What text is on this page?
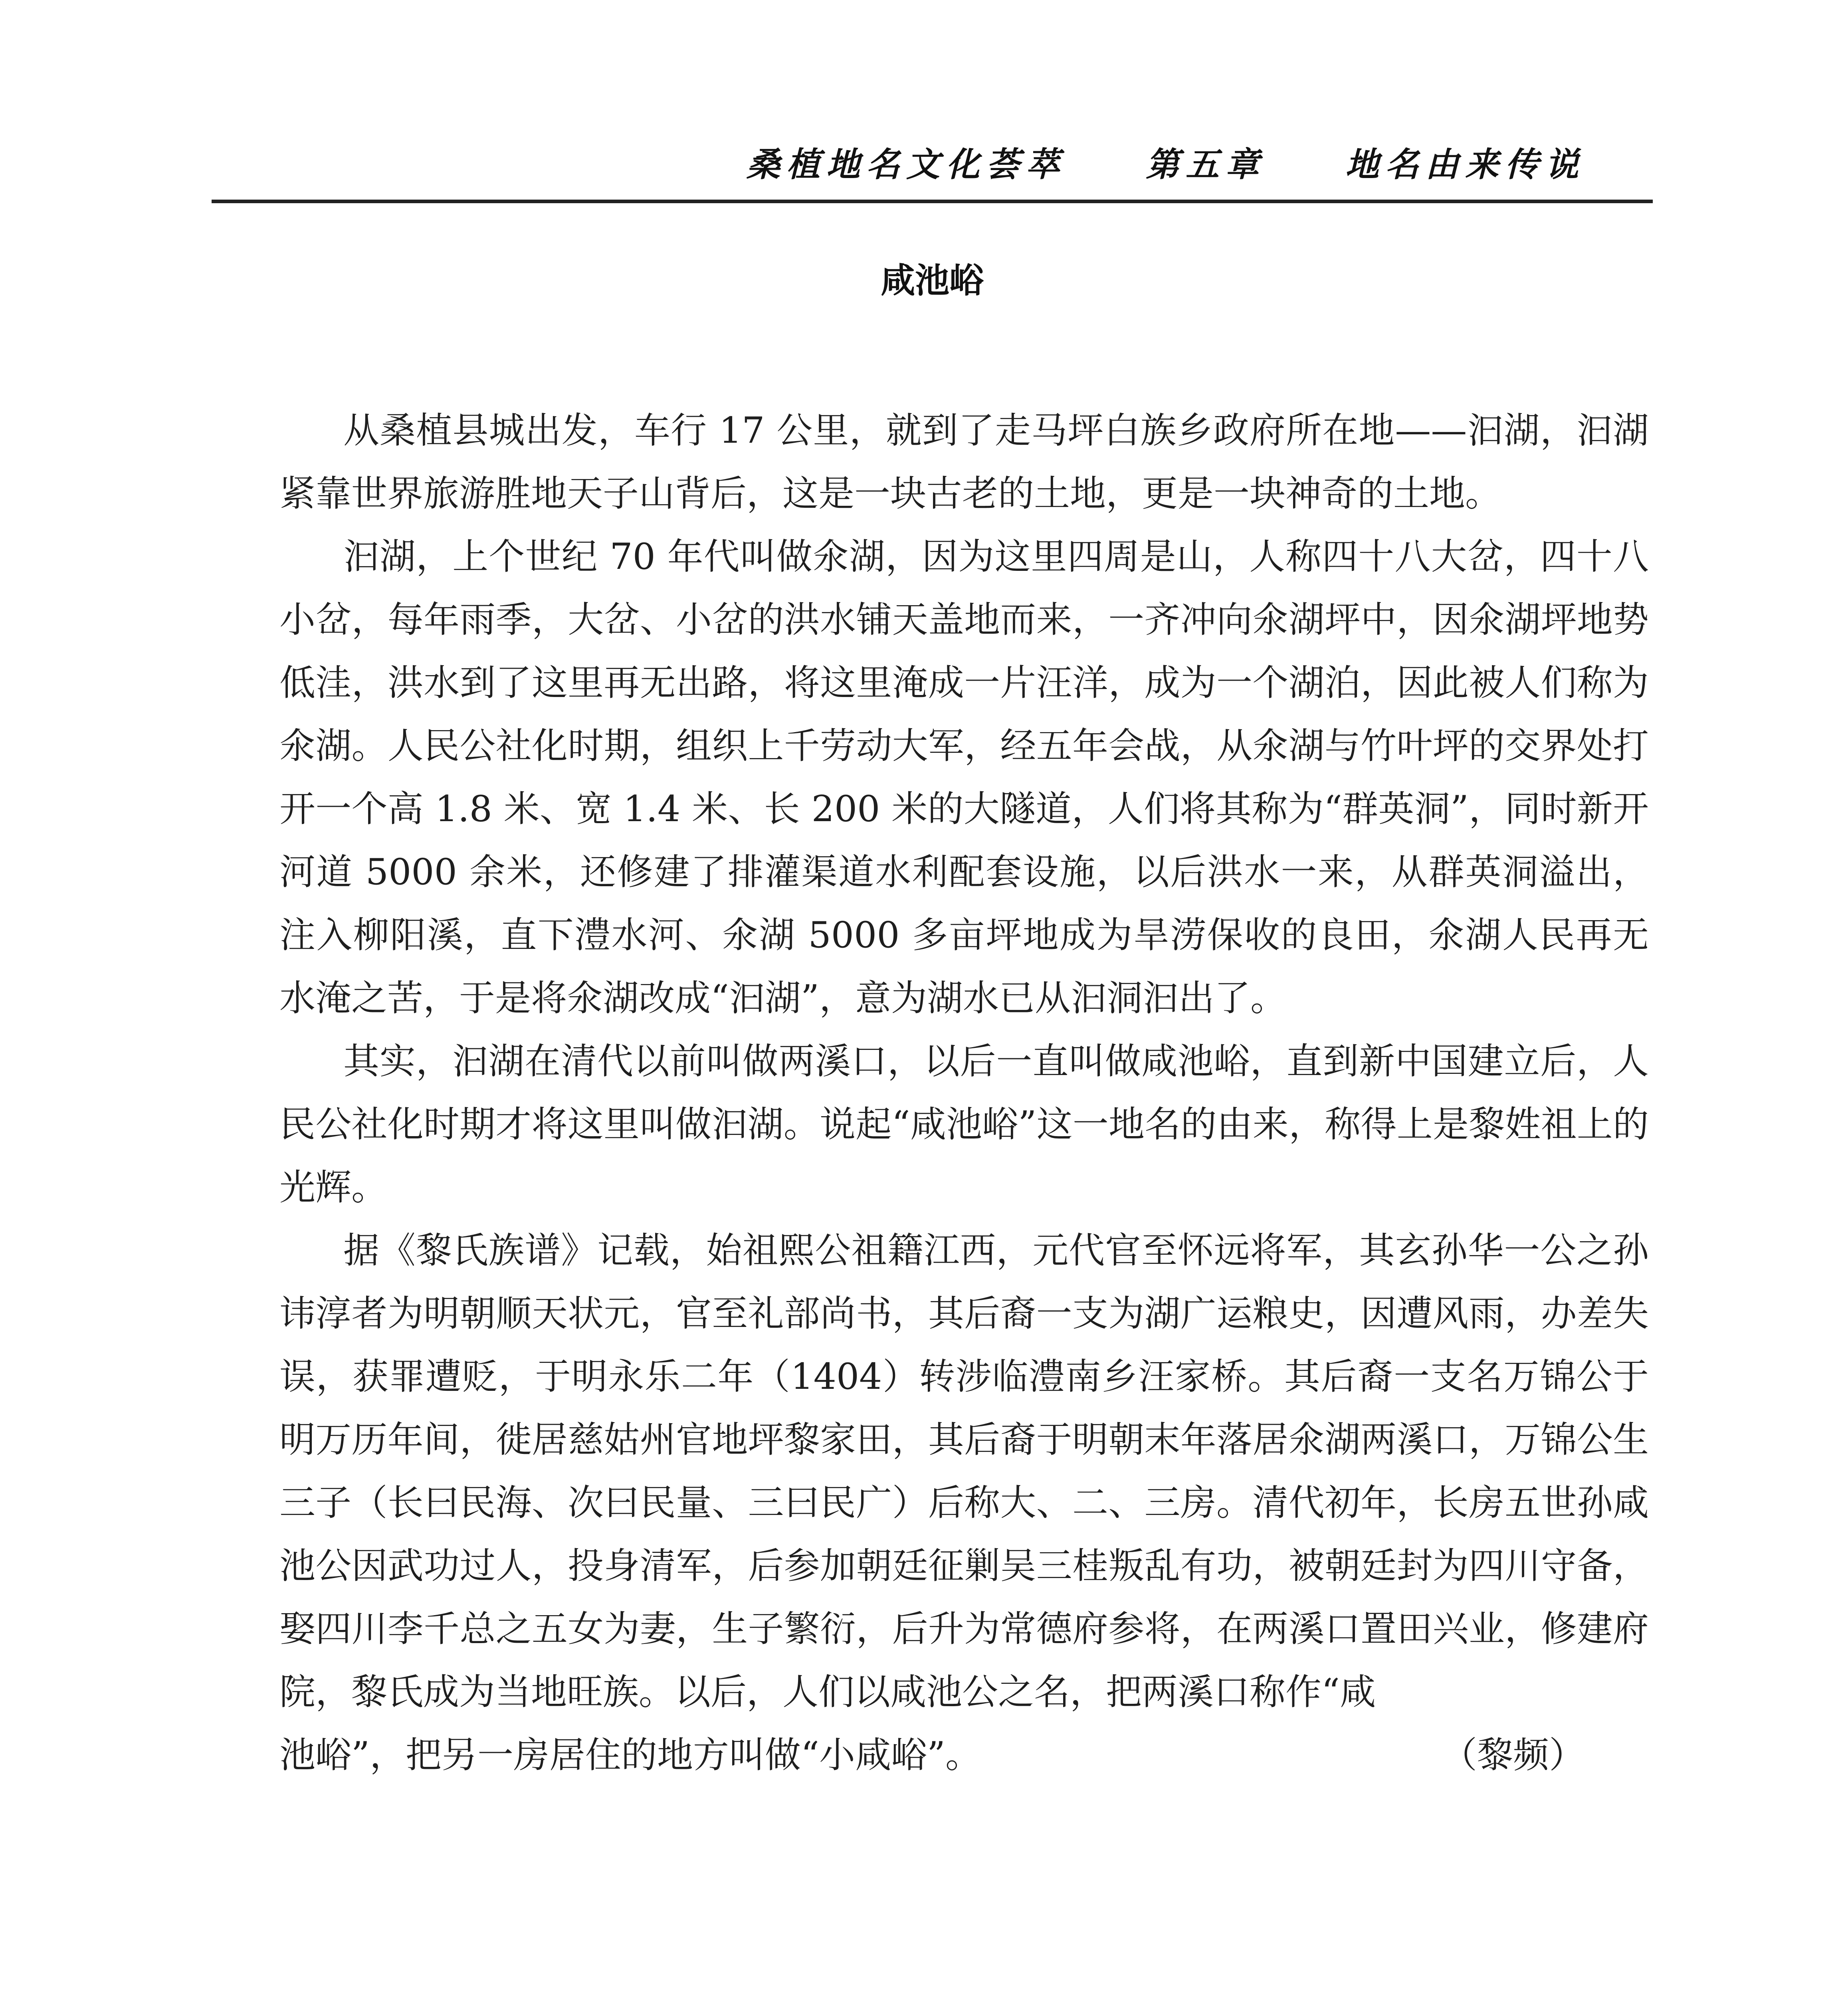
桑植地名文化荟萃 第五章 地名由来传说
咸池峪

从桑植县城出发，车行 17 公里，就到了走马坪白族乡政府所在地——汩湖，汩湖紧靠世界旅游胜地天子山背后，这是一块古老的土地，更是一块神奇的土地。

汩湖，上个世纪 70 年代叫做氽湖，因为这里四周是山，人称四十八大岔，四十八小岔，每年雨季，大岔、小岔的洪水铺天盖地而来，一齐冲向氽湖坪中，因氽湖坪地势低洼，洪水到了这里再无出路，将这里淹成一片汪洋，成为一个湖泊，因此被人们称为氽湖。人民公社化时期，组织上千劳动大军，经五年会战，从氽湖与竹叶坪的交界处打开一个高 1.8 米、宽 1.4 米、长 200 米的大隧道，人们将其称为“群英洞”，同时新开河道 5000 余米，还修建了排灌渠道水利配套设施，以后洪水一来，从群英洞溢出，注入柳阳溪，直下澧水河、氽湖 5000 多亩坪地成为旱涝保收的良田，氽湖人民再无水淹之苦，于是将氽湖改成“汩湖”，意为湖水已从汩洞汩出了。

其实，汩湖在清代以前叫做两溪口，以后一直叫做咸池峪，直到新中国建立后，人民公社化时期才将这里叫做汩湖。说起“咸池峪”这一地名的由来，称得上是黎姓祖上的光辉。

据《黎氏族谱》记载，始祖熙公祖籍江西，元代官至怀远将军，其玄孙华一公之孙讳淳者为明朝顺天状元，官至礼部尚书，其后裔一支为湖广运粮史，因遭风雨，办差失误，获罪遭贬，于明永乐二年（1404）转涉临澧南乡汪家桥。其后裔一支名万锦公于明万历年间，徙居慈姑州官地坪黎家田，其后裔于明朝末年落居氽湖两溪口，万锦公生三子（长曰民海、次曰民量、三曰民广）后称大、二、三房。清代初年，长房五世孙咸池公因武功过人，投身清军，后参加朝廷征剿吴三桂叛乱有功，被朝廷封为四川守备，娶四川李千总之五女为妻，生子繁衍，后升为常德府参将，在两溪口置田兴业，修建府院，黎氏成为当地旺族。以后，人们以咸池公之名，把两溪口称作“咸

池峪”，把另一房居住的地方叫做“小咸峪”。	（黎频）
